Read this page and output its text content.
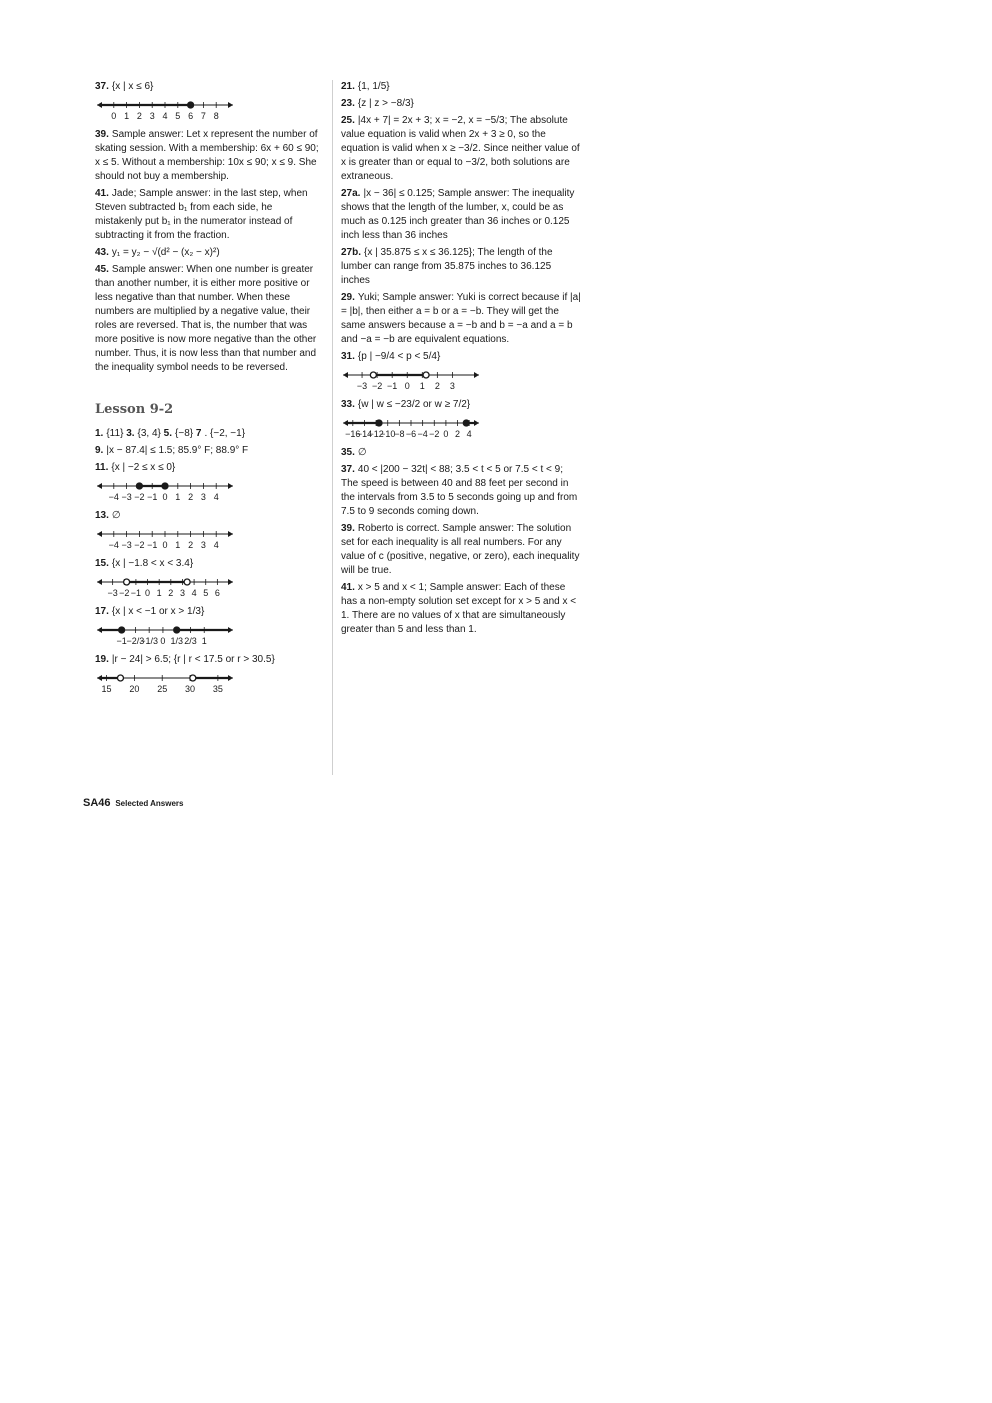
37. {x | x ≤ 6}
0 1 2 3 4 5 6 7 8
39. Sample answer: Let x represent the number of skating session. With a membership: 6x + 60 ≤ 90; x ≤ 5. Without a membership: 10x ≤ 90; x ≤ 9. She should not buy a membership.
41. Jade; Sample answer: in the last step, when Steven subtracted b₁ from each side, he mistakenly put b₁ in the numerator instead of subtracting it from the fraction.
43. y₁ = y₂ − √(d² − (x₂ − x)²)
45. Sample answer: When one number is greater than another number, it is either more positive or less negative than that number. When these numbers are multiplied by a negative value, their roles are reversed. That is, the number that was more positive is now more negative than the other number. Thus, it is now less than that number and the inequality symbol needs to be reversed.
Lesson 9-2
1. {11} 3. {3, 4} 5. {−8} 7 . {−2, −1}
9. |x − 87.4| ≤ 1.5; 85.9° F; 88.9° F
11. {x | −2 ≤ x ≤ 0}
−4 −3 −2 −1 0 1 2 3 4
13. ∅
−4 −3 −2 −1 0 1 2 3 4
15. {x | −1.8 < x < 3.4}
−3 −2 −1 0 1 2 3 4 5 6
17. {x | x < −1 or x > 1/3}
−1 −2/3
−1/3 0 1/3 2/3 1
19. |r − 24| > 6.5; {r | r < 17.5 or r > 30.5}
15 20 25 30 35
21. {1, 1/5}
23. {z | z > −8/3}
25. |4x + 7| = 2x + 3; x = −2, x = −5/3; The absolute value equation is valid when 2x + 3 ≥ 0, so the equation is valid when x ≥ −3/2. Since neither value of x is greater than or equal to −3/2, both solutions are extraneous.
27a. |x − 36| ≤ 0.125; Sample answer: The inequality shows that the length of the lumber, x, could be as much as 0.125 inch greater than 36 inches or 0.125 inch less than 36 inches
27b. {x | 35.875 ≤ x ≤ 36.125}; The length of the lumber can range from 35.875 inches to 36.125 inches
29. Yuki; Sample answer: Yuki is correct because if |a| = |b|, then either a = b or a = −b. They will get the same answers because a = −b and b = −a and a = b and −a = −b are equivalent equations.
31. {p | −9/4 < p < 5/4}
−3 −2 −1 0 1 2 3
33. {w | w ≤ −23/2 or w ≥ 7/2}
−16
−14
−12
−10
−8 −6 −4 −2 0 2 4
35. ∅
37. 40 < |200 − 32t| < 88; 3.5 < t < 5 or 7.5 < t < 9; The speed is between 40 and 88 feet per second in the intervals from 3.5 to 5 seconds going up and from 7.5 to 9 seconds coming down.
39. Roberto is correct. Sample answer: The solution set for each inequality is all real numbers. For any value of c (positive, negative, or zero), each inequality will be true.
41. x > 5 and x < 1; Sample answer: Each of these has a non-empty solution set except for x > 5 and x < 1. There are no values of x that are simultaneously greater than 5 and less than 1.
SA46 Selected Answers
